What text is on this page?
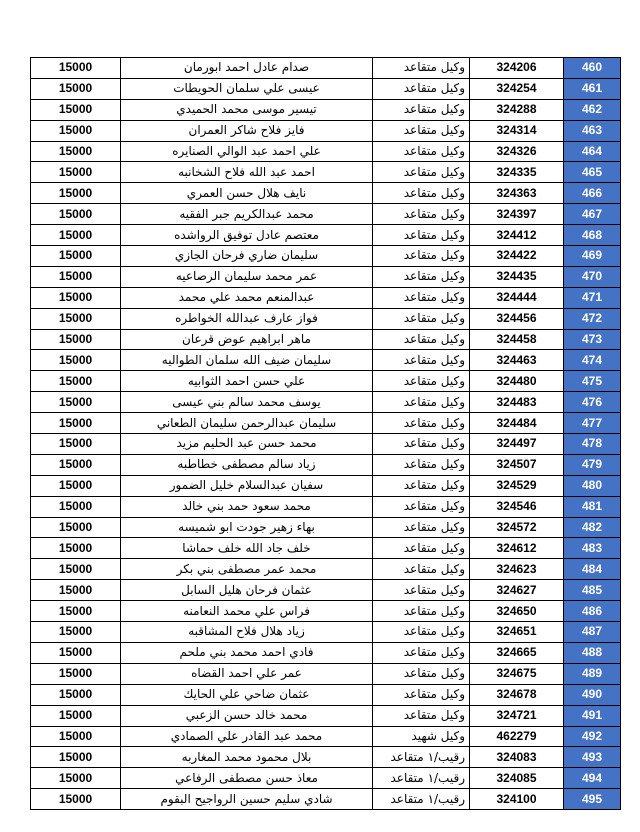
15000	صدام عادل احمد ابورمان	وكيل متقاعد	324206	460
15000	عيسى علي سلمان الحويطات	وكيل متقاعد	324254	461
15000	تيسير موسى محمد الحميدي	وكيل متقاعد	324288	462
15000	فايز فلاح شاكر العمران	وكيل متقاعد	324314	463
15000	علي احمد عبد الوالي الصنايره	وكيل متقاعد	324326	464
15000	احمد عبد الله فلاح الشخانبه	وكيل متقاعد	324335	465
15000	نايف هلال حسن العمري	وكيل متقاعد	324363	466
15000	محمد عبدالكريم جبر الفقيه	وكيل متقاعد	324397	467
15000	معتصم عادل توفيق الرواشده	وكيل متقاعد	324412	468
15000	سليمان ضاري فرحان الجازي	وكيل متقاعد	324422	469
15000	عمر محمد سليمان الرصاعيه	وكيل متقاعد	324435	470
15000	عبدالمنعم محمد علي محمد	وكيل متقاعد	324444	471
15000	فواز عارف عبدالله الخواطره	وكيل متقاعد	324456	472
15000	ماهر ابراهيم عوض قرعان	وكيل متقاعد	324458	473
15000	سليمان ضيف الله سلمان الطواليه	وكيل متقاعد	324463	474
15000	علي حسن احمد الثوابيه	وكيل متقاعد	324480	475
15000	يوسف محمد سالم بني عيسى	وكيل متقاعد	324483	476
15000	سليمان عبدالرحمن سليمان الطعاني	وكيل متقاعد	324484	477
15000	محمد حسن عبد الحليم مزيد	وكيل متقاعد	324497	478
15000	زياد سالم مصطفى خطاطبه	وكيل متقاعد	324507	479
15000	سفيان عبدالسلام خليل الضمور	وكيل متقاعد	324529	480
15000	محمد سعود حمد بني خالد	وكيل متقاعد	324546	481
15000	بهاء زهير جودت ابو شميسه	وكيل متقاعد	324572	482
15000	خلف جاد الله خلف حماشا	وكيل متقاعد	324612	483
15000	محمد عمر مصطفى بني بكر	وكيل متقاعد	324623	484
15000	عثمان فرحان هليل السابل	وكيل متقاعد	324627	485
15000	فراس علي محمد النعامنه	وكيل متقاعد	324650	486
15000	زياد هلال فلاح المشاقبه	وكيل متقاعد	324651	487
15000	فادي احمد محمد بني ملحم	وكيل متقاعد	324665	488
15000	عمر علي احمد القضاه	وكيل متقاعد	324675	489
15000	عثمان ضاحي علي الحايك	وكيل متقاعد	324678	490
15000	محمد خالد حسن الزعبي	وكيل متقاعد	324721	491
15000	محمد عبد القادر علي الصمادي	وكيل شهيد	462279	492
15000	بلال محمود محمد المغاربه	رقيب/١ متقاعد	324083	493
15000	معاذ حسن مصطفى الرفاعي	رقيب/١ متقاعد	324085	494
15000	شادي سليم حسين الرواجيح البقوم	رقيب/١ متقاعد	324100	495
